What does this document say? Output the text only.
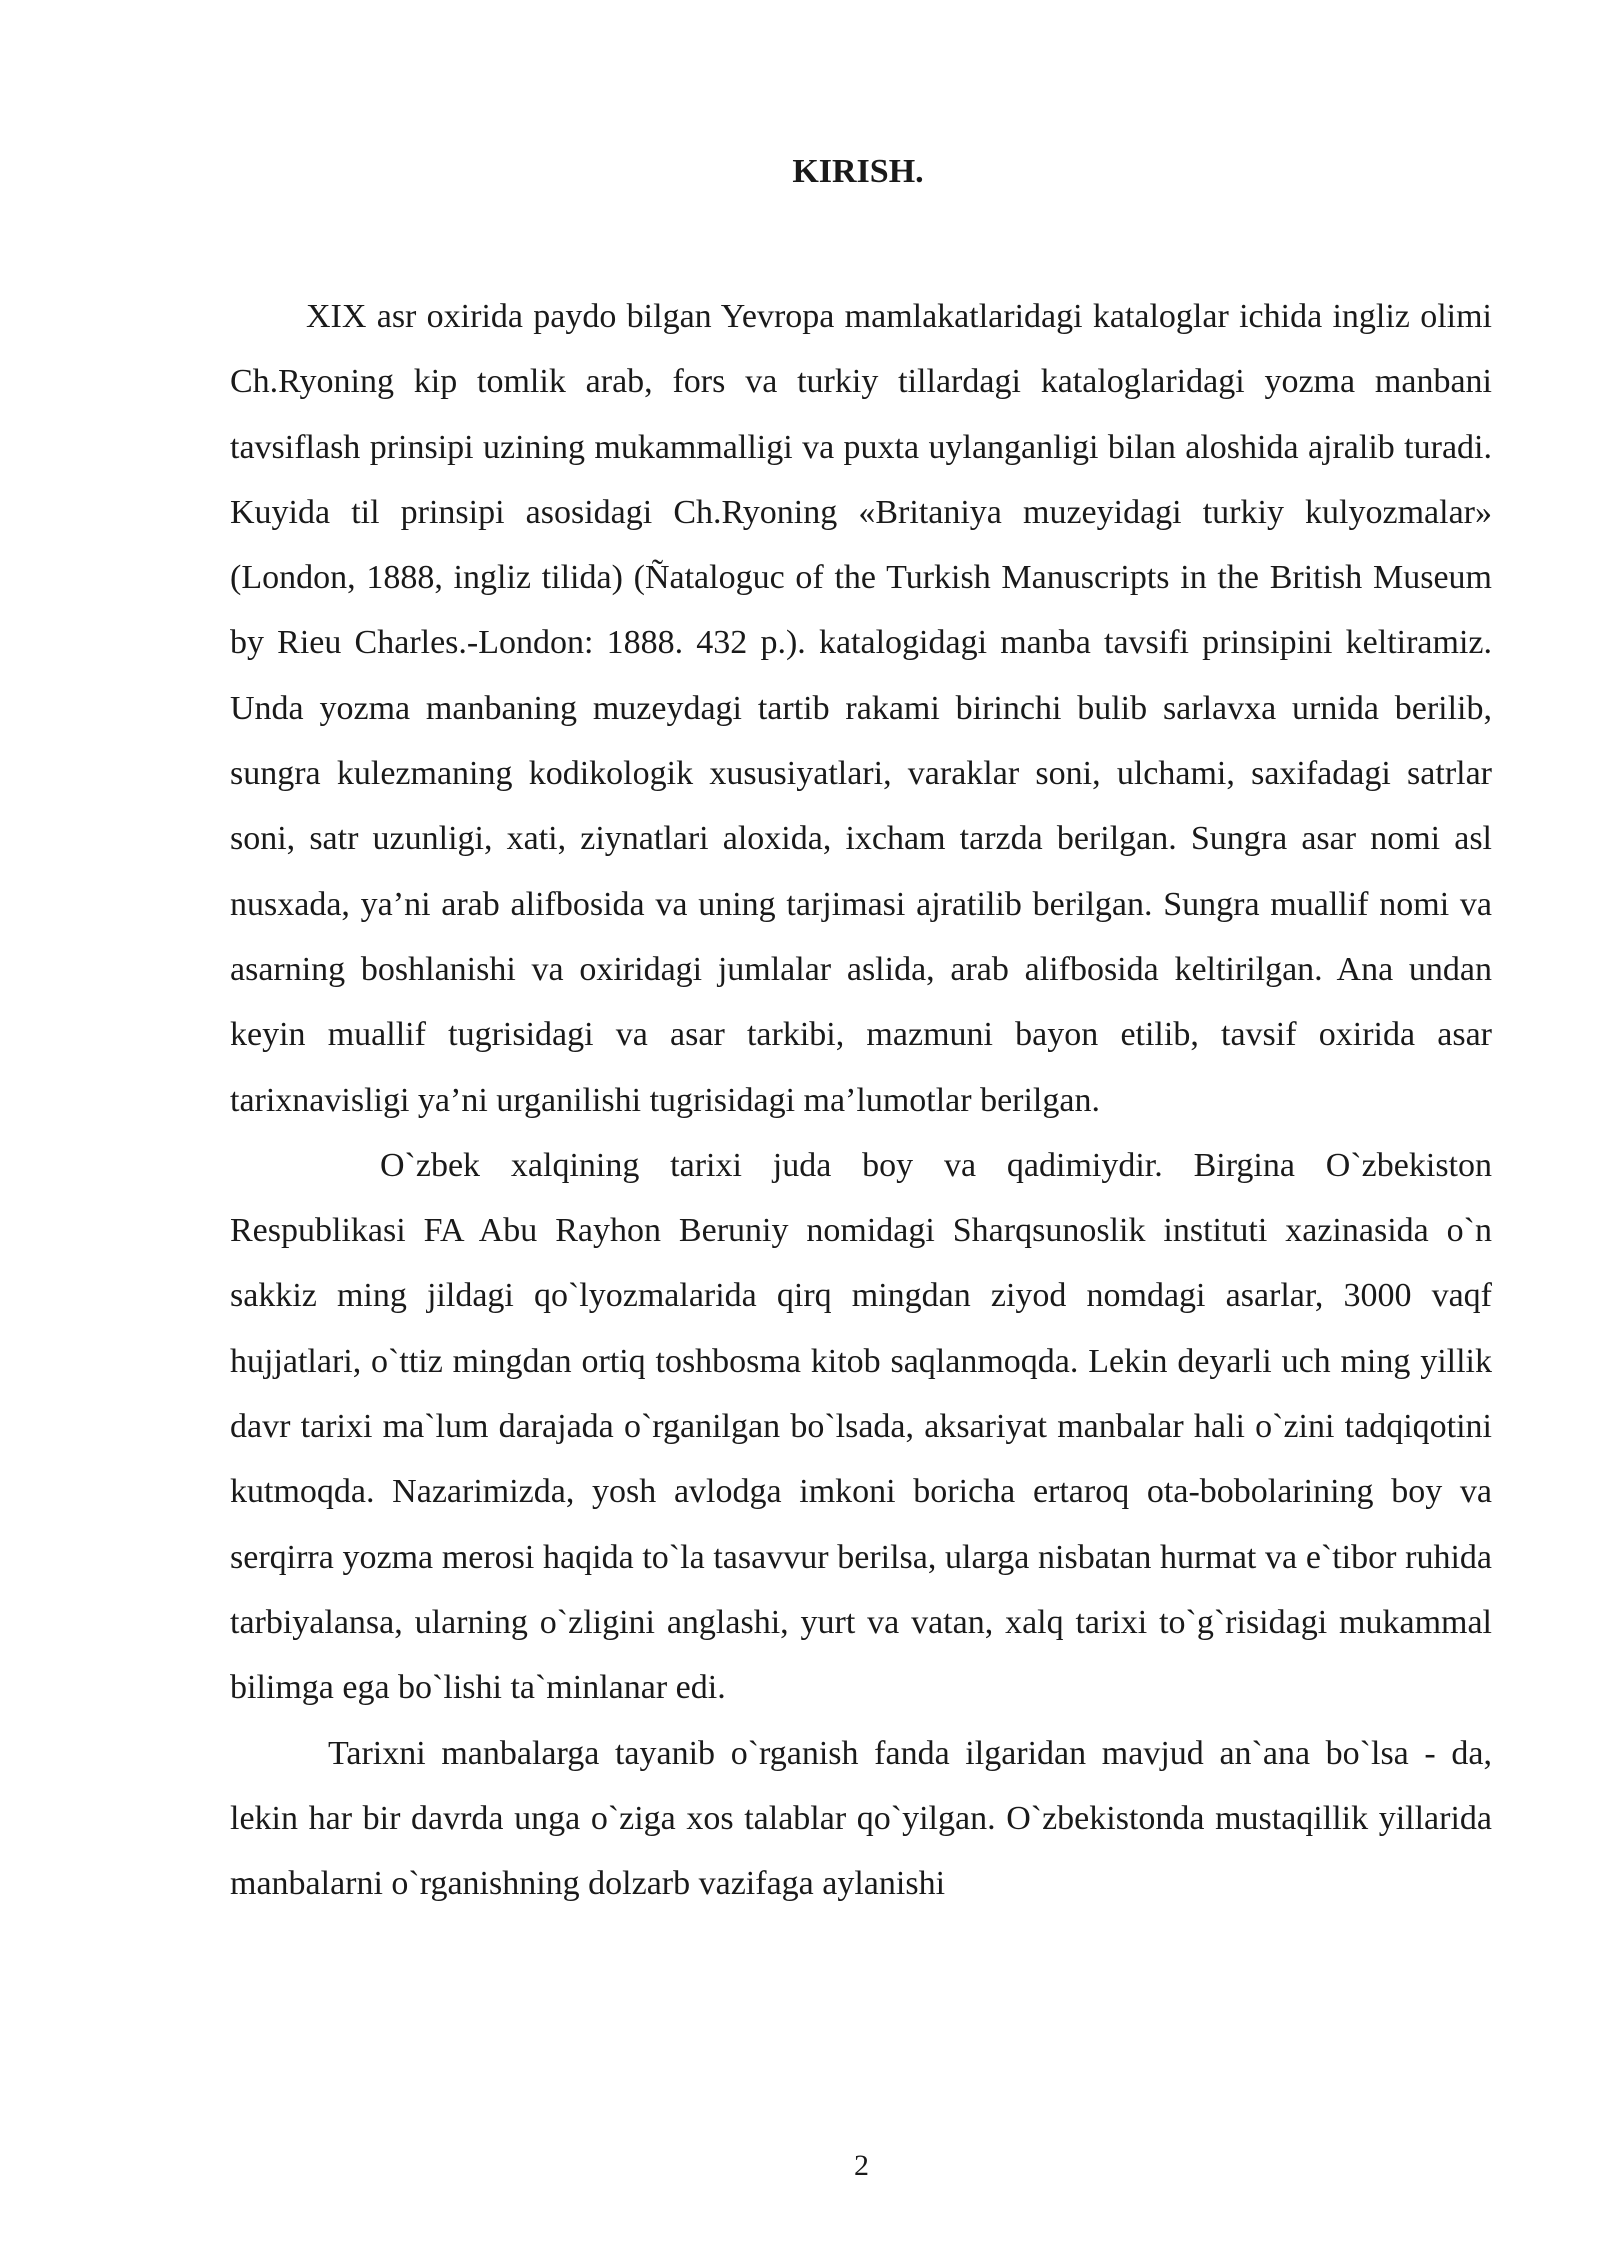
KIRISH.

XIX asr oxirida paydo bilgan Yevropa mamlakatlaridagi kataloglar ichida ingliz olimi Ch.Ryoning kip tomlik arab, fors va turkiy tillardagi kataloglaridagi yozma manbani tavsiflash prinsipi uzining mukammalligi va puxta uylanganligi bilan aloshida ajralib turadi. Kuyida til prinsipi asosidagi Ch.Ryoning «Britaniya muzeyidagi turkiy kulyozmalar» (London, 1888, ingliz tilida) (Ñataloguc of the Turkish Manuscripts in the British Museum by Rieu Charles.-London: 1888. 432 p.). katalogidagi manba tavsifi prinsipini keltiramiz. Unda yozma manbaning muzeydagi tartib rakami birinchi bulib sarlavxa urnida berilib, sungra kulezmaning kodikologik xususiyatlari, varaklar soni, ulchami, saxifadagi satrlar soni, satr uzunligi, xati, ziynatlari aloxida, ixcham tarzda berilgan. Sungra asar nomi asl nusxada, ya’ni arab alifbosida va uning tarjimasi ajratilib berilgan. Sungra muallif nomi va asarning boshlanishi va oxiridagi jumlalar aslida, arab alifbosida keltirilgan. Ana undan keyin muallif tugrisidagi va asar tarkibi, mazmuni bayon etilib, tavsif oxirida asar tarixnavisligi ya’ni urganilishi tugrisidagi ma’lumotlar berilgan.

O`zbek xalqining tarixi juda boy va qadimiydir. Birgina O`zbekiston Respublikasi FA Abu Rayhon Beruniy nomidagi Sharqsunoslik instituti xazinasida o`n sakkiz ming jildagi qo`lyozmalarida qirq mingdan ziyod nomdagi asarlar, 3000 vaqf hujjatlari, o`ttiz mingdan ortiq toshbosma kitob saqlanmoqda. Lekin deyarli uch ming yillik davr tarixi ma`lum darajada o`rganilgan bo`lsada, aksariyat manbalar hali o`zini tadqiqotini kutmoqda. Nazarimizda, yosh avlodga imkoni boricha ertaroq ota-bobolarining boy va serqirra yozma merosi haqida to`la tasavvur berilsa, ularga nisbatan hurmat va e`tibor ruhida tarbiyalansa, ularning o`zligini anglashi, yurt va vatan, xalq tarixi to`g`risidagi mukammal bilimga ega bo`lishi ta`minlanar edi.

Tarixni manbalarga tayanib o`rganish fanda ilgaridan mavjud an`ana bo`lsa - da, lekin har bir davrda unga o`ziga xos talablar qo`yilgan. O`zbekistonda mustaqillik yillarida manbalarni o`rganishning dolzarb vazifaga aylanishi

2
